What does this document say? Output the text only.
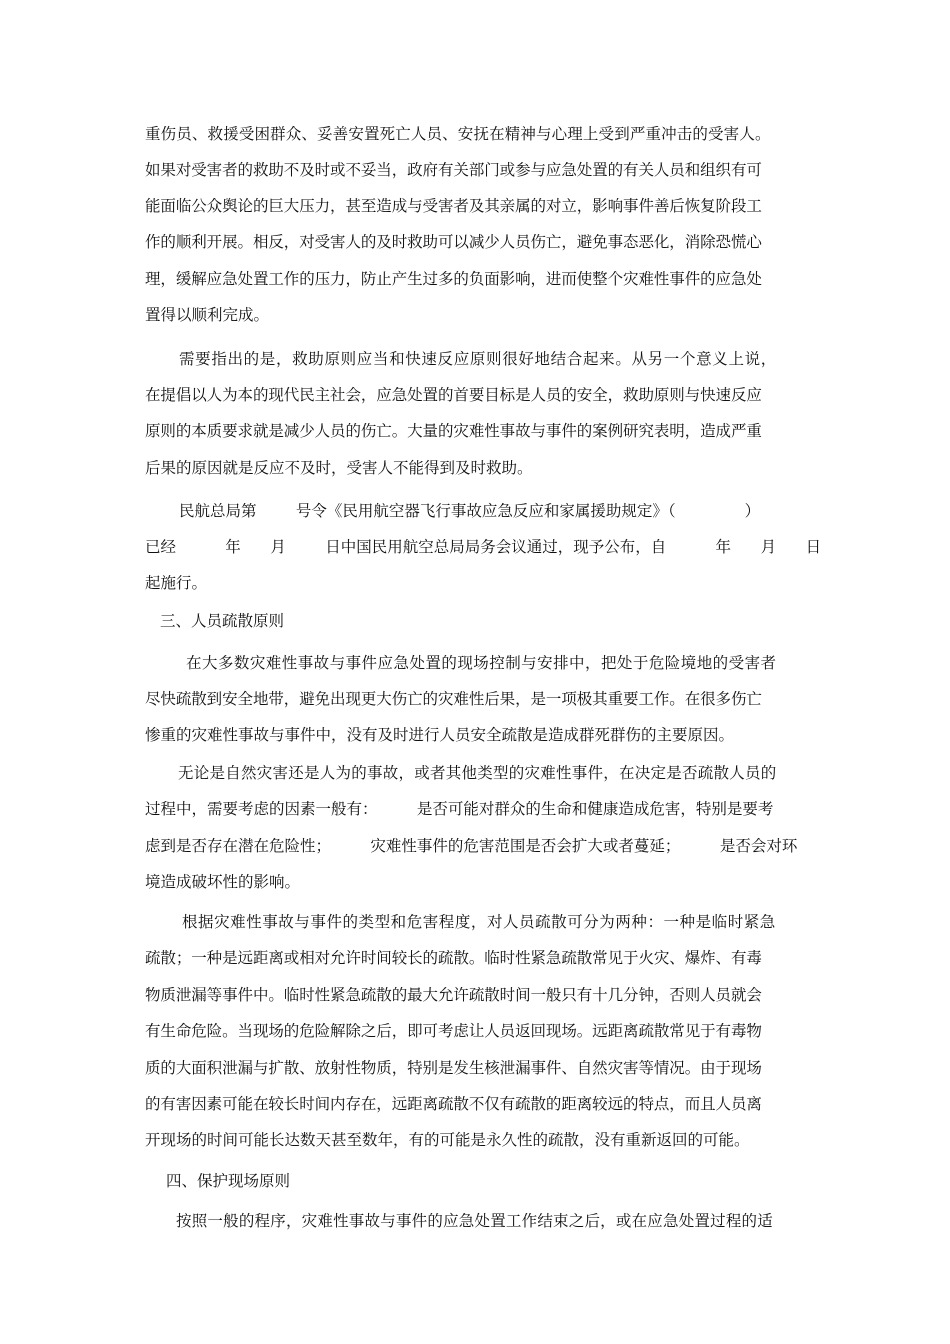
重伤员、救援受困群众、妥善安置死亡人员、安抚在精神与心理上受到严重冲击的受害人。
如果对受害者的救助不及时或不妥当，政府有关部门或参与应急处置的有关人员和组织有可
能面临公众舆论的巨大压力，甚至造成与受害者及其亲属的对立，影响事件善后恢复阶段工
作的顺利开展。相反，对受害人的及时救助可以减少人员伤亡，避免事态恶化，消除恐慌心
理，缓解应急处置工作的压力，防止产生过多的负面影响，进而使整个灾难性事件的应急处
置得以顺利完成。
需要指出的是，救助原则应当和快速反应原则很好地结合起来。从另一个意义上说，
在提倡以人为本的现代民主社会，应急处置的首要目标是人员的安全，救助原则与快速反应
原则的本质要求就是减少人员的伤亡。大量的灾难性事故与事件的案例研究表明，造成严重
后果的原因就是反应不及时，受害人不能得到及时救助。
民航总局第        号令《民用航空器飞行事故应急反应和家属援助规定》（              ）
已经          年      月        日中国民用航空总局局务会议通过，现予公布，自          年      月      日
起施行。
三、人员疏散原则
在大多数灾难性事故与事件应急处置的现场控制与安排中，把处于危险境地的受害者
尽快疏散到安全地带，避免出现更大伤亡的灾难性后果，是一项极其重要工作。在很多伤亡
惨重的灾难性事故与事件中，没有及时进行人员安全疏散是造成群死群伤的主要原因。
无论是自然灾害还是人为的事故，或者其他类型的灾难性事件，在决定是否疏散人员的
过程中，需要考虑的因素一般有：        是否可能对群众的生命和健康造成危害，特别是要考
虑到是否存在潜在危险性；        灾难性事件的危害范围是否会扩大或者蔓延；        是否会对环
境造成破坏性的影响。
根据灾难性事故与事件的类型和危害程度，对人员疏散可分为两种：一种是临时紧急
疏散；一种是远距离或相对允许时间较长的疏散。临时性紧急疏散常见于火灾、爆炸、有毒
物质泄漏等事件中。临时性紧急疏散的最大允许疏散时间一般只有十几分钟，否则人员就会
有生命危险。当现场的危险解除之后，即可考虑让人员返回现场。远距离疏散常见于有毒物
质的大面积泄漏与扩散、放射性物质，特别是发生核泄漏事件、自然灾害等情况。由于现场
的有害因素可能在较长时间内存在，远距离疏散不仅有疏散的距离较远的特点，而且人员离
开现场的时间可能长达数天甚至数年，有的可能是永久性的疏散，没有重新返回的可能。
四、保护现场原则
按照一般的程序，灾难性事故与事件的应急处置工作结束之后，或在应急处置过程的适
